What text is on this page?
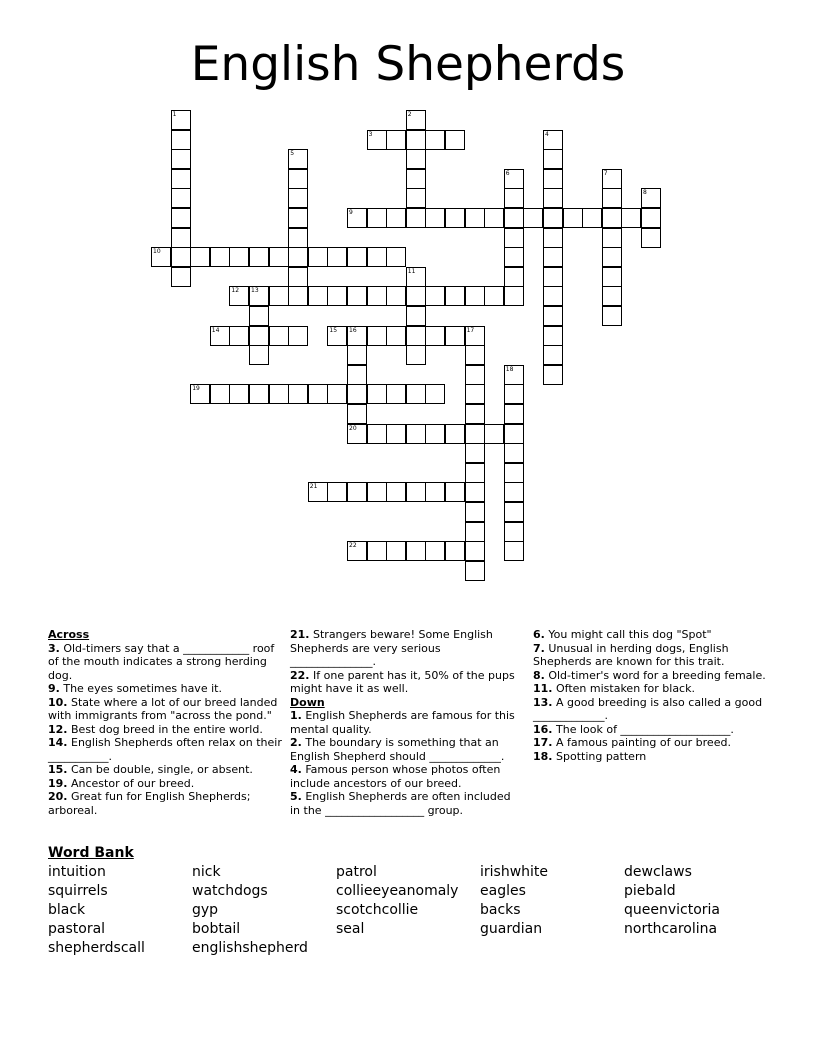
English Shepherds
1	2
3	4
5
6	7
8
9
10
11
12 13
14	15 16	17
18
19
20
21
22
Across
3. Old-timers say that a ____________ roof of the mouth indicates a strong herding dog.
9. The eyes sometimes have it.
10. State where a lot of our breed landed with immigrants from "across the pond."
12. Best dog breed in the entire world.
14. English Shepherds often relax on their ___________.
15. Can be double, single, or absent.
19. Ancestor of our breed.
20. Great fun for English Shepherds; arboreal.
21. Strangers beware! Some English Shepherds are very serious _______________.
22. If one parent has it, 50% of the pups might have it as well.
Down
1. English Shepherds are famous for this mental quality.
2. The boundary is something that an English Shepherd should _____________.
4. Famous person whose photos often include ancestors of our breed.
5. English Shepherds are often included in the __________________ group.
6. You might call this dog "Spot"
7. Unusual in herding dogs, English Shepherds are known for this trait.
8. Old-timer's word for a breeding female.
11. Often mistaken for black.
13. A good breeding is also called a good _____________.
16. The look of ____________________.
17. A famous painting of our breed.
18. Spotting pattern
Word Bank
intuition	nick	patrol	irishwhite	dewclaws
squirrels	watchdogs	collieeyeanomaly	eagles	piebald
black	gyp	scotchcollie	backs	queenvictoria
pastoral	bobtail	seal	guardian	northcarolina
shepherdscall	englishshepherd
